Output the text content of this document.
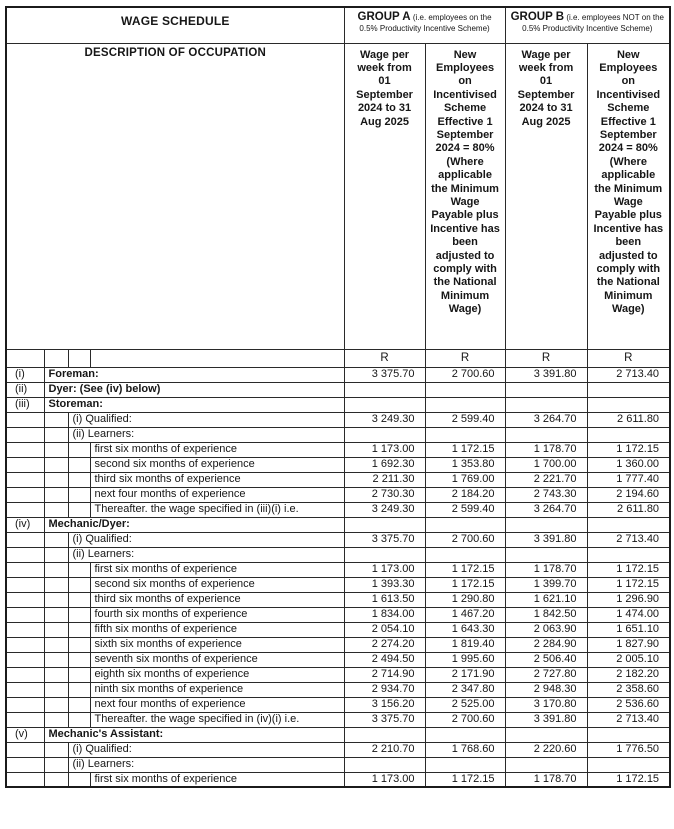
WAGE SCHEDULE				GROUP A (i.e. employees on the 0.5% Productivity Incentive Scheme)		GROUP B (i.e. employees NOT on the 0.5% Productivity Incentive Scheme)	
DESCRIPTION OF OCCUPATION				Wage per week from 01 September 2024 to 31 Aug 2025	New Employees on Incentivised Scheme Effective 1 September 2024 = 80% (Where applicable the Minimum Wage Payable plus Incentive has been adjusted to comply with the National Minimum Wage)	Wage per week from 01 September 2024 to 31 Aug 2025	New Employees on Incentivised Scheme Effective 1 September 2024 = 80% (Where applicable the Minimum Wage Payable plus Incentive has been adjusted to comply with the National Minimum Wage)

				R	R	R	R
(i)	Foreman:			3 375.70	2 700.60	3 391.80	2 713.40
(ii)	Dyer: (See (iv) below)						
(iii)	Storeman:						
		(i) Qualified:		3 249.30	2 599.40	3 264.70	2 611.80
		(ii) Learners:					
			first six months of experience	1 173.00	1 172.15	1 178.70	1 172.15
			second six months of experience	1 692.30	1 353.80	1 700.00	1 360.00
			third six months of experience	2 211.30	1 769.00	2 221.70	1 777.40
			next four months of experience	2 730.30	2 184.20	2 743.30	2 194.60
			Thereafter. the wage specified in (iii)(i) i.e.	3 249.30	2 599.40	3 264.70	2 611.80
(iv)	Mechanic/Dyer:						
		(i) Qualified:		3 375.70	2 700.60	3 391.80	2 713.40
		(ii) Learners:					
			first six months of experience	1 173.00	1 172.15	1 178.70	1 172.15
			second six months of experience	1 393.30	1 172.15	1 399.70	1 172.15
			third six months of experience	1 613.50	1 290.80	1 621.10	1 296.90
			fourth six months of experience	1 834.00	1 467.20	1 842.50	1 474.00
			fifth six months of experience	2 054.10	1 643.30	2 063.90	1 651.10
			sixth six months of experience	2 274.20	1 819.40	2 284.90	1 827.90
			seventh six months of experience	2 494.50	1 995.60	2 506.40	2 005.10
			eighth six months of experience	2 714.90	2 171.90	2 727.80	2 182.20
			ninth six months of experience	2 934.70	2 347.80	2 948.30	2 358.60
			next four months of experience	3 156.20	2 525.00	3 170.80	2 536.60
			Thereafter. the wage specified in (iv)(i) i.e.	3 375.70	2 700.60	3 391.80	2 713.40
(v)	Mechanic's Assistant:						
		(i) Qualified:		2 210.70	1 768.60	2 220.60	1 776.50
		(ii) Learners:					
			first six months of experience	1 173.00	1 172.15	1 178.70	1 172.15
